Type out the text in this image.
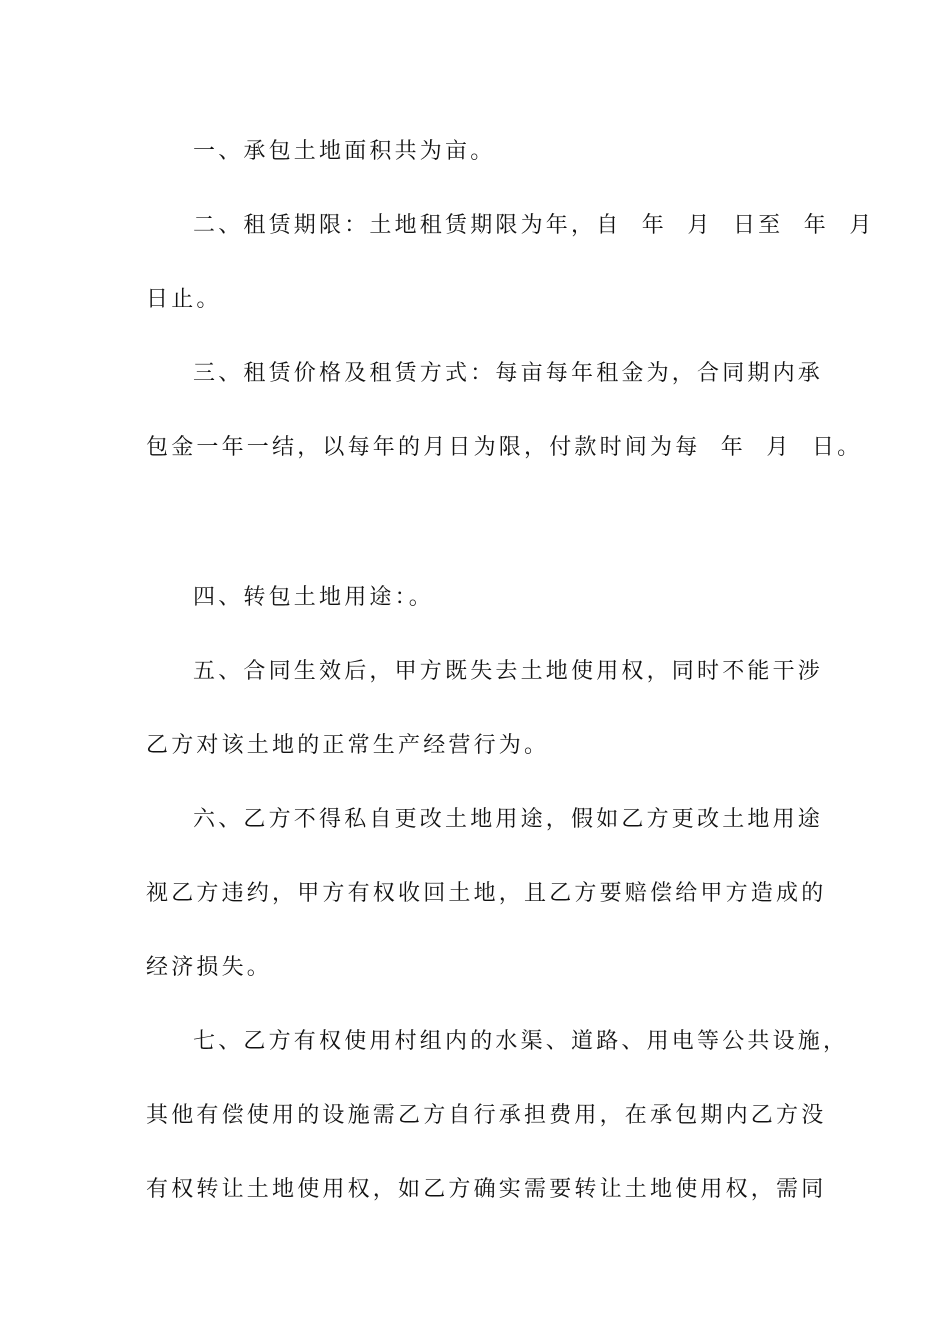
一、承包土地面积共为亩。
二、租赁期限：土地租赁期限为年，自  年  月  日至  年  月
日止。
三、租赁价格及租赁方式：每亩每年租金为，合同期内承
包金一年一结，以每年的月日为限，付款时间为每  年  月  日。
四、转包土地用途：。
五、合同生效后，甲方既失去土地使用权，同时不能干涉
乙方对该土地的正常生产经营行为。
六、乙方不得私自更改土地用途，假如乙方更改土地用途
视乙方违约，甲方有权收回土地，且乙方要赔偿给甲方造成的
经济损失。
七、乙方有权使用村组内的水渠、道路、用电等公共设施，
其他有偿使用的设施需乙方自行承担费用，在承包期内乙方没
有权转让土地使用权，如乙方确实需要转让土地使用权，需同
